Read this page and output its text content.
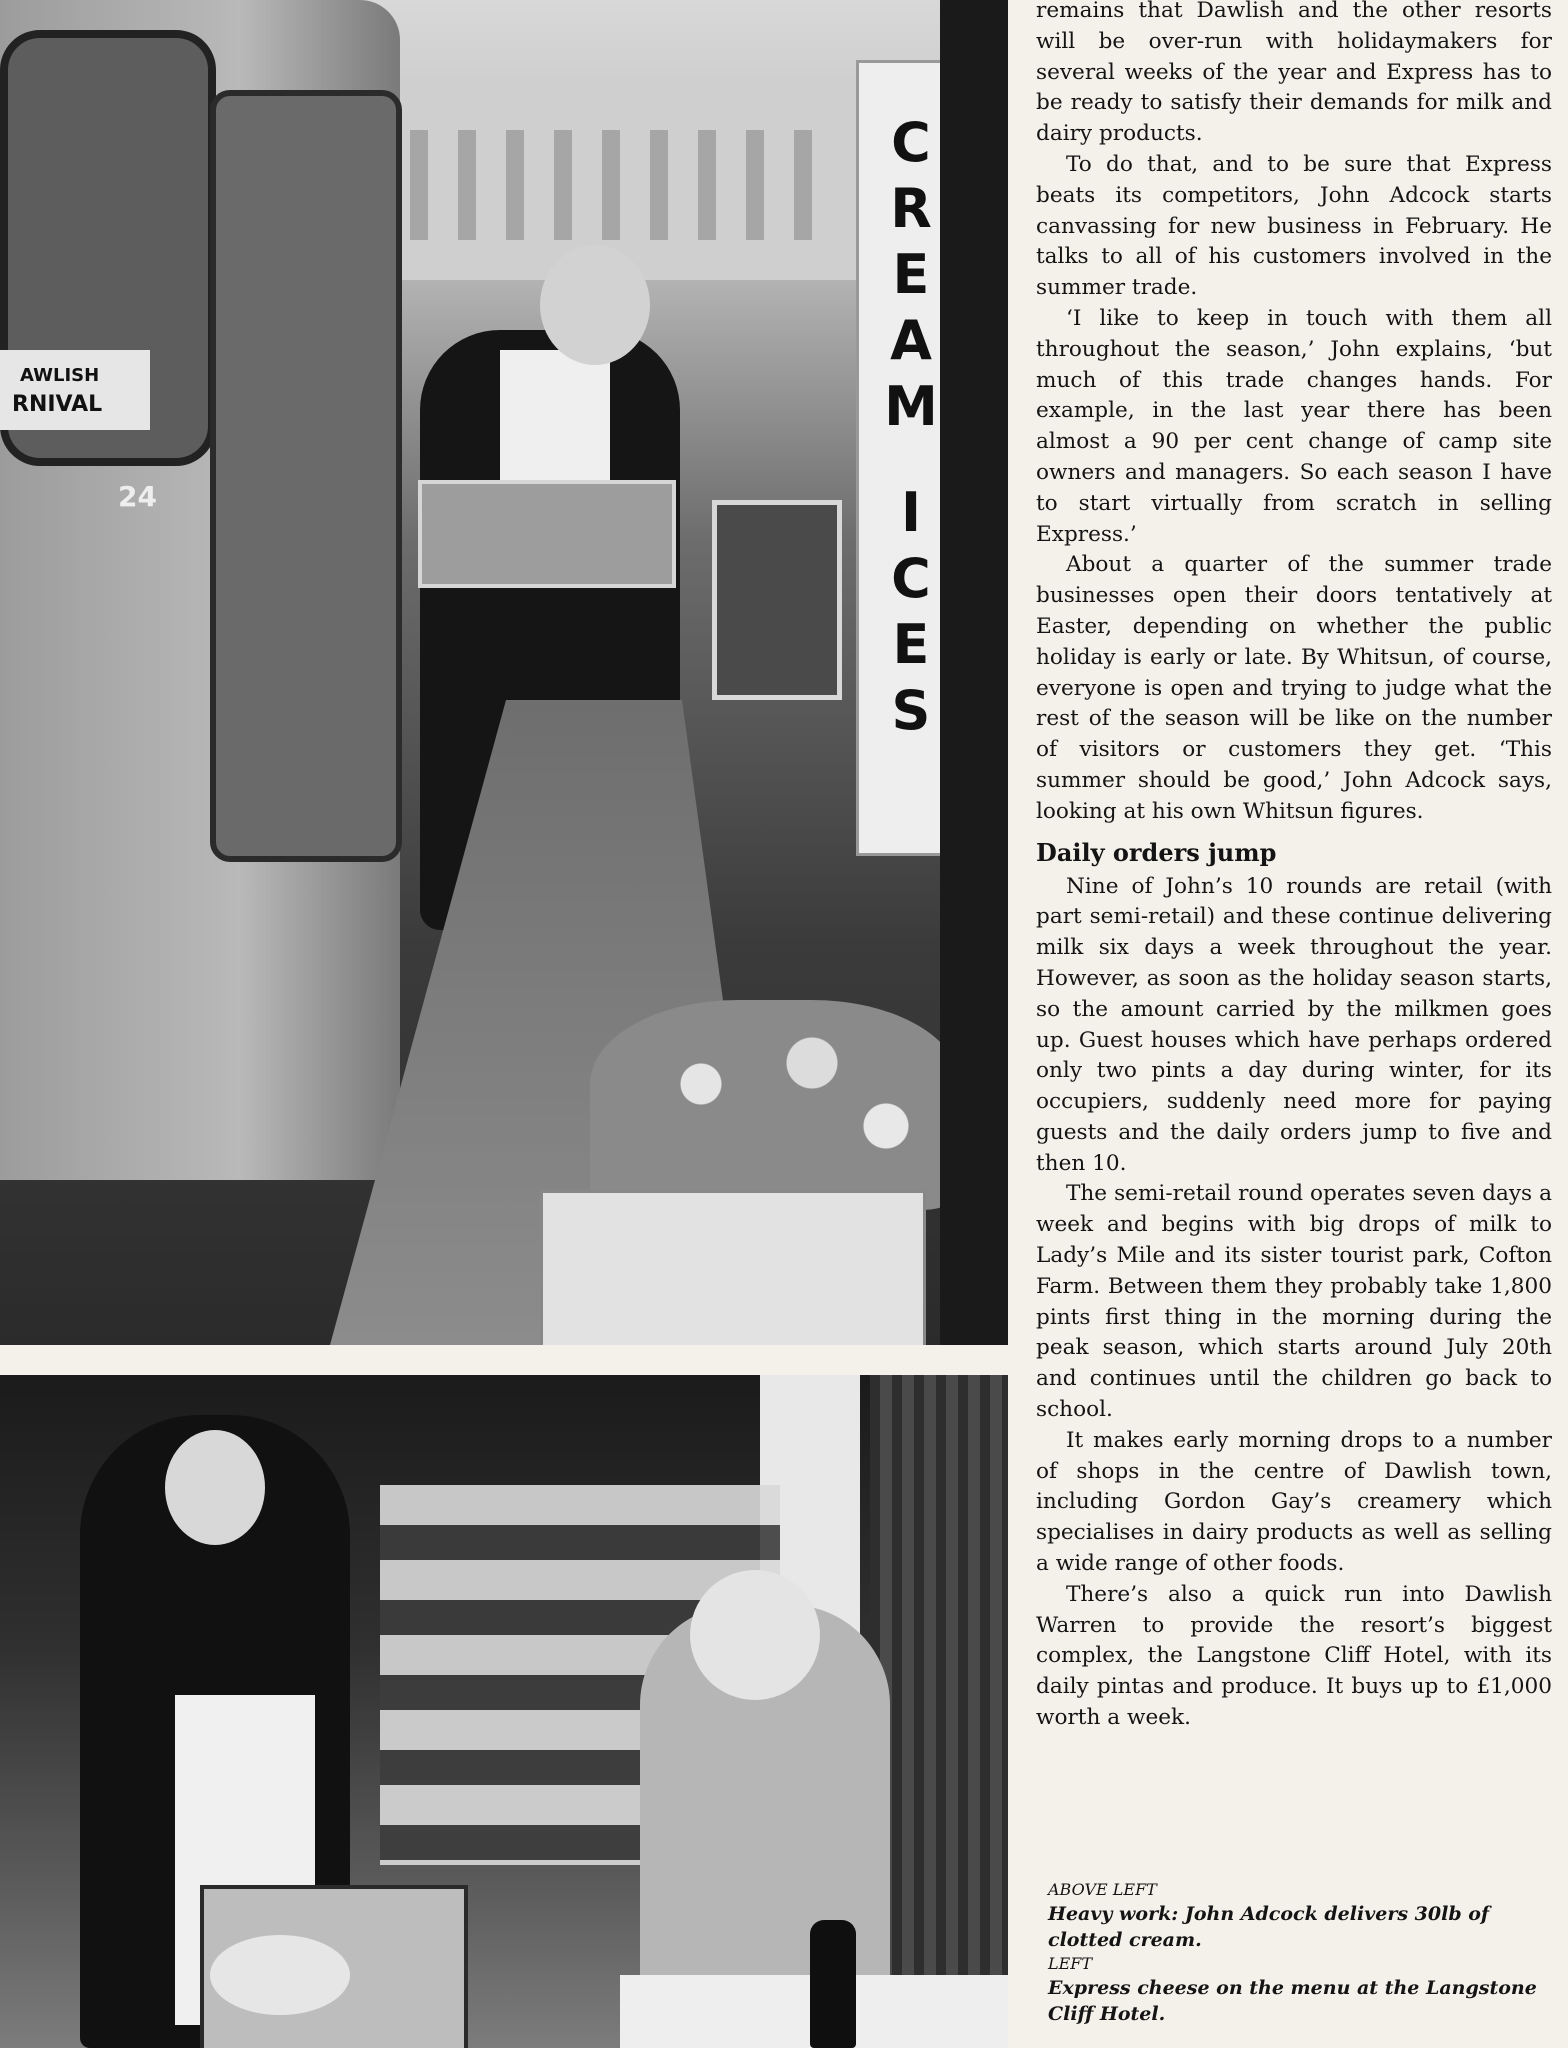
AWLISH
RNIVAL
24
C
R
E
A
M
I
C
E
S

remains that Dawlish and the other resorts will be over-run with holidaymakers for several weeks of the year and Express has to be ready to satisfy their demands for milk and dairy products.

To do that, and to be sure that Express beats its competitors, John Adcock starts canvassing for new business in February. He talks to all of his customers involved in the summer trade.

‘I like to keep in touch with them all throughout the season,’ John explains, ‘but much of this trade changes hands. For example, in the last year there has been almost a 90 per cent change of camp site owners and managers. So each season I have to start virtually from scratch in selling Express.’

About a quarter of the summer trade businesses open their doors tentatively at Easter, depending on whether the public holiday is early or late. By Whitsun, of course, everyone is open and trying to judge what the rest of the season will be like on the number of visitors or customers they get. ‘This summer should be good,’ John Adcock says, looking at his own Whitsun figures.

Daily orders jump

Nine of John’s 10 rounds are retail (with part semi-retail) and these continue delivering milk six days a week throughout the year. However, as soon as the holiday season starts, so the amount carried by the milkmen goes up. Guest houses which have perhaps ordered only two pints a day during winter, for its occupiers, suddenly need more for paying guests and the daily orders jump to five and then 10.

The semi-retail round operates seven days a week and begins with big drops of milk to Lady’s Mile and its sister tourist park, Cofton Farm. Between them they probably take 1,800 pints first thing in the morning during the peak season, which starts around July 20th and continues until the children go back to school.

It makes early morning drops to a number of shops in the centre of Dawlish town, including Gordon Gay’s creamery which specialises in dairy products as well as selling a wide range of other foods.

There’s also a quick run into Dawlish Warren to provide the resort’s biggest complex, the Langstone Cliff Hotel, with its daily pintas and produce. It buys up to £1,000 worth a week.

ABOVE LEFT

Heavy work: John Adcock delivers 30lb of clotted cream.

LEFT

Express cheese on the menu at the Langstone Cliff Hotel.
